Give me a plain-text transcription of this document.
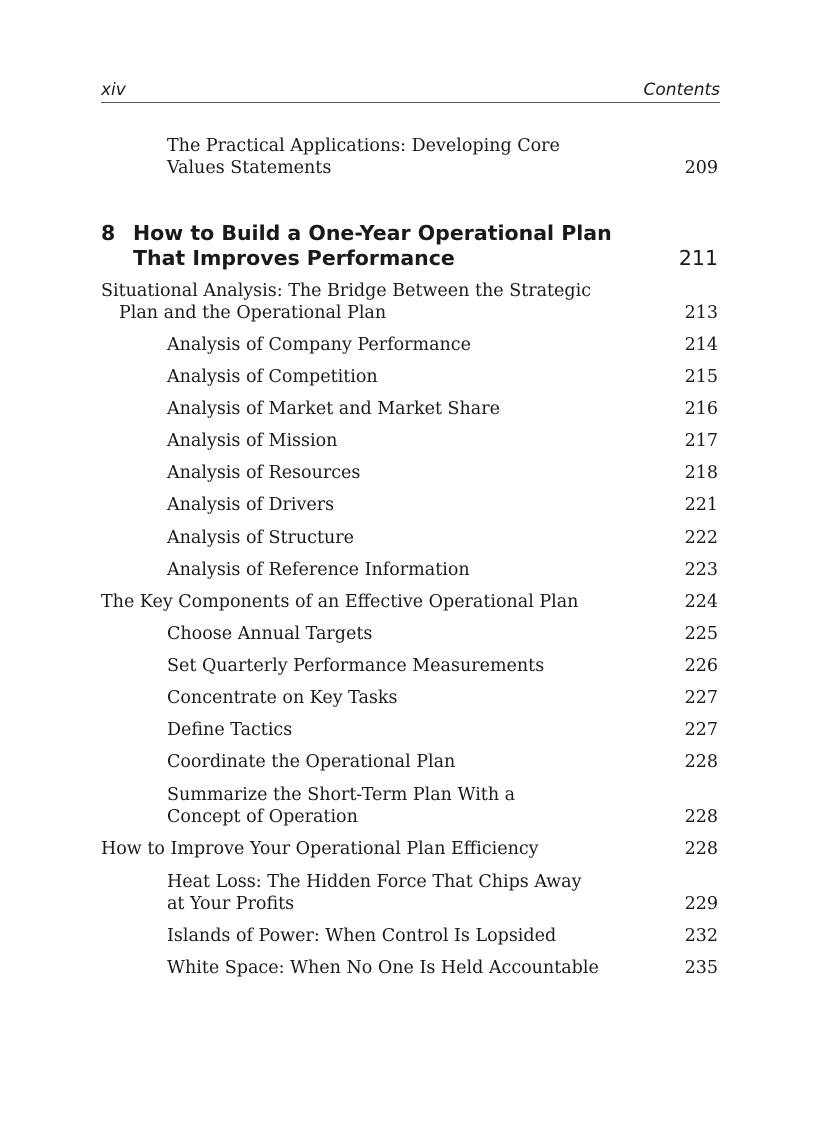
xiv	Contents
The Practical Applications: Developing Core
Values Statements	209
8 How to Build a One-Year Operational Plan
That Improves Performance	211
Situational Analysis: The Bridge Between the Strategic
Plan and the Operational Plan	213
Analysis of Company Performance	214
Analysis of Competition	215
Analysis of Market and Market Share	216
Analysis of Mission	217
Analysis of Resources	218
Analysis of Drivers	221
Analysis of Structure	222
Analysis of Reference Information	223
The Key Components of an Effective Operational Plan	224
Choose Annual Targets	225
Set Quarterly Performance Measurements	226
Concentrate on Key Tasks	227
Define Tactics	227
Coordinate the Operational Plan	228
Summarize the Short-Term Plan With a
Concept of Operation	228
How to Improve Your Operational Plan Efficiency	228
Heat Loss: The Hidden Force That Chips Away
at Your Profits	229
Islands of Power: When Control Is Lopsided	232
White Space: When No One Is Held Accountable	235
